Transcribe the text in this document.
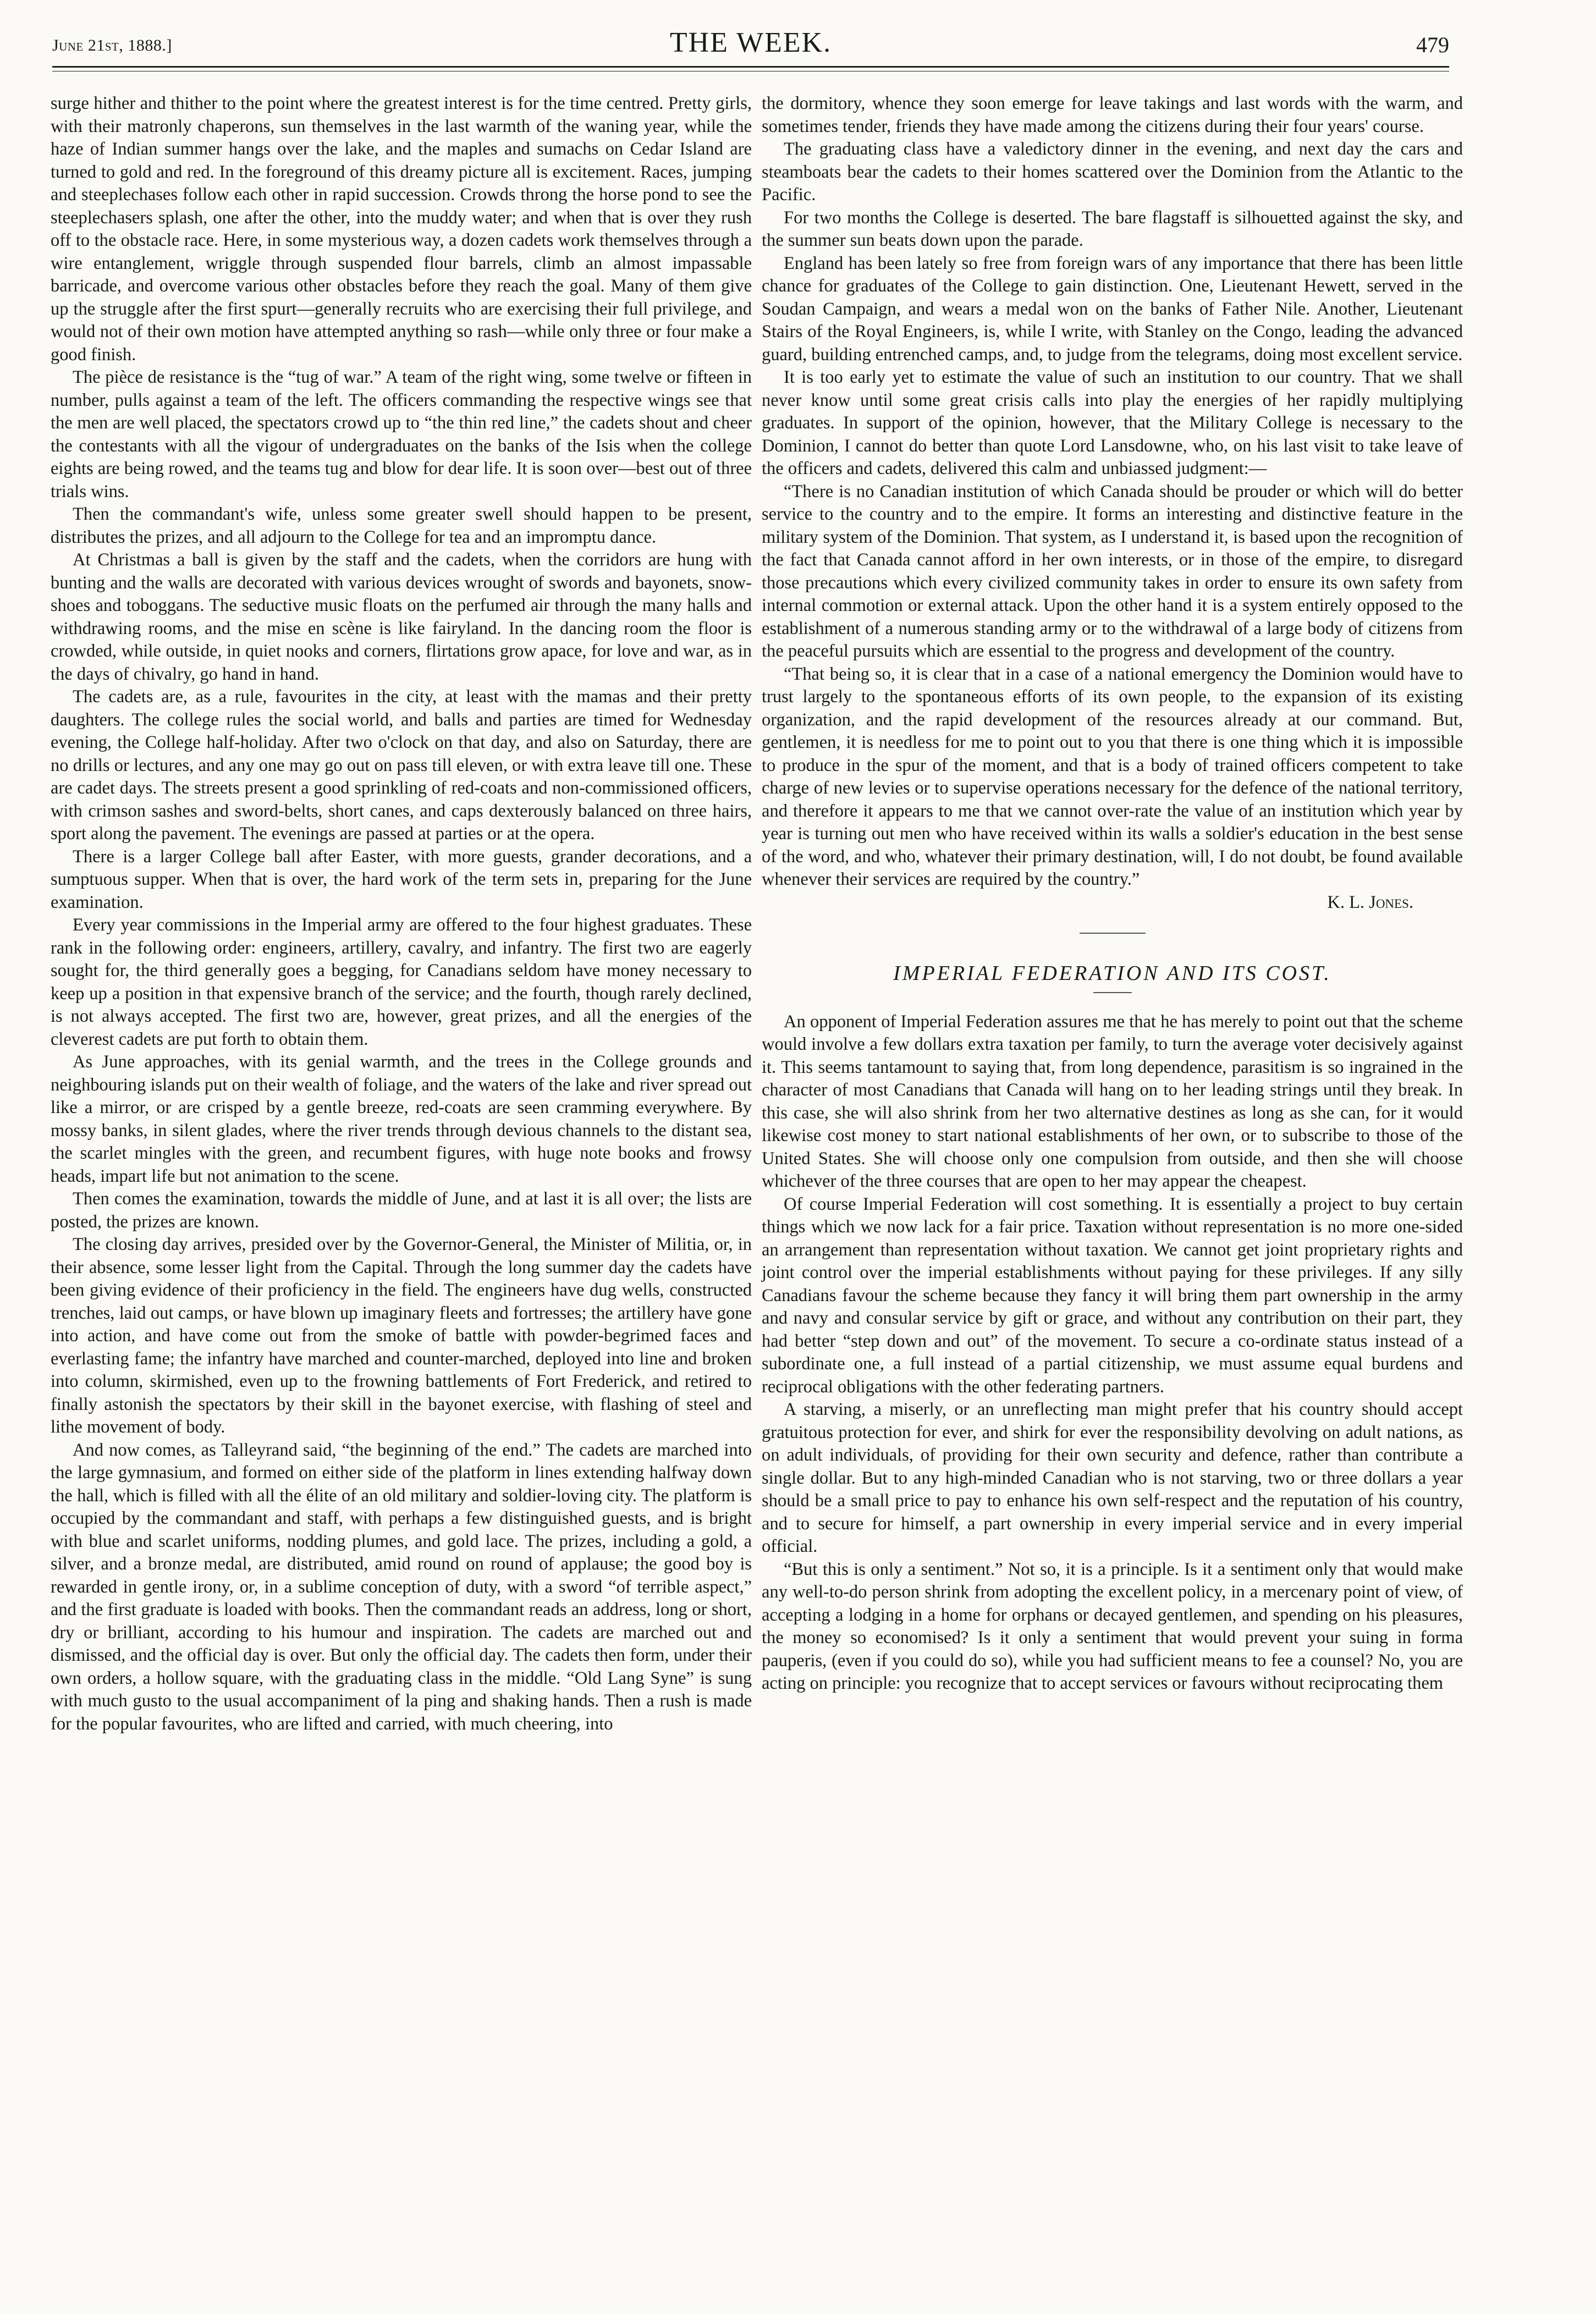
June 21st, 1888.]	THE WEEK.	479

surge hither and thither to the point where the greatest interest is for the time centred. Pretty girls, with their matronly chaperons, sun themselves in the last warmth of the waning year, while the haze of Indian summer hangs over the lake, and the maples and sumachs on Cedar Island are turned to gold and red. In the foreground of this dreamy picture all is excitement. Races, jumping and steeplechases follow each other in rapid succession. Crowds throng the horse pond to see the steeplechasers splash, one after the other, into the muddy water; and when that is over they rush off to the obstacle race. Here, in some mysterious way, a dozen cadets work themselves through a wire entanglement, wriggle through suspended flour barrels, climb an almost impassable barricade, and overcome various other obstacles before they reach the goal. Many of them give up the struggle after the first spurt—generally recruits who are exercising their full privilege, and would not of their own motion have attempted anything so rash—while only three or four make a good finish.

The pièce de resistance is the “tug of war.” A team of the right wing, some twelve or fifteen in number, pulls against a team of the left. The officers commanding the respective wings see that the men are well placed, the spectators crowd up to “the thin red line,” the cadets shout and cheer the contestants with all the vigour of undergraduates on the banks of the Isis when the college eights are being rowed, and the teams tug and blow for dear life. It is soon over—best out of three trials wins.

Then the commandant's wife, unless some greater swell should happen to be present, distributes the prizes, and all adjourn to the College for tea and an impromptu dance.

At Christmas a ball is given by the staff and the cadets, when the corridors are hung with bunting and the walls are decorated with various devices wrought of swords and bayonets, snow-shoes and toboggans. The seductive music floats on the perfumed air through the many halls and withdrawing rooms, and the mise en scène is like fairyland. In the dancing room the floor is crowded, while outside, in quiet nooks and corners, flirtations grow apace, for love and war, as in the days of chivalry, go hand in hand.

The cadets are, as a rule, favourites in the city, at least with the mamas and their pretty daughters. The college rules the social world, and balls and parties are timed for Wednesday evening, the College half-holiday. After two o'clock on that day, and also on Saturday, there are no drills or lectures, and any one may go out on pass till eleven, or with extra leave till one. These are cadet days. The streets present a good sprinkling of red-coats and non-commissioned officers, with crimson sashes and sword-belts, short canes, and caps dexterously balanced on three hairs, sport along the pavement. The evenings are passed at parties or at the opera.

There is a larger College ball after Easter, with more guests, grander decorations, and a sumptuous supper. When that is over, the hard work of the term sets in, preparing for the June examination.

Every year commissions in the Imperial army are offered to the four highest graduates. These rank in the following order: engineers, artillery, cavalry, and infantry. The first two are eagerly sought for, the third generally goes a begging, for Canadians seldom have money necessary to keep up a position in that expensive branch of the service; and the fourth, though rarely declined, is not always accepted. The first two are, however, great prizes, and all the energies of the cleverest cadets are put forth to obtain them.

As June approaches, with its genial warmth, and the trees in the College grounds and neighbouring islands put on their wealth of foliage, and the waters of the lake and river spread out like a mirror, or are crisped by a gentle breeze, red-coats are seen cramming everywhere. By mossy banks, in silent glades, where the river trends through devious channels to the distant sea, the scarlet mingles with the green, and recumbent figures, with huge note books and frowsy heads, impart life but not animation to the scene.

Then comes the examination, towards the middle of June, and at last it is all over; the lists are posted, the prizes are known.

The closing day arrives, presided over by the Governor-General, the Minister of Militia, or, in their absence, some lesser light from the Capital. Through the long summer day the cadets have been giving evidence of their proficiency in the field. The engineers have dug wells, constructed trenches, laid out camps, or have blown up imaginary fleets and fortresses; the artillery have gone into action, and have come out from the smoke of battle with powder-begrimed faces and everlasting fame; the infantry have marched and counter-marched, deployed into line and broken into column, skirmished, even up to the frowning battlements of Fort Frederick, and retired to finally astonish the spectators by their skill in the bayonet exercise, with flashing of steel and lithe movement of body.

And now comes, as Talleyrand said, “the beginning of the end.” The cadets are marched into the large gymnasium, and formed on either side of the platform in lines extending halfway down the hall, which is filled with all the élite of an old military and soldier-loving city. The platform is occupied by the commandant and staff, with perhaps a few distinguished guests, and is bright with blue and scarlet uniforms, nodding plumes, and gold lace. The prizes, including a gold, a silver, and a bronze medal, are distributed, amid round on round of applause; the good boy is rewarded in gentle irony, or, in a sublime conception of duty, with a sword “of terrible aspect,” and the first graduate is loaded with books. Then the commandant reads an address, long or short, dry or brilliant, according to his humour and inspiration. The cadets are marched out and dismissed, and the official day is over. But only the official day. The cadets then form, under their own orders, a hollow square, with the graduating class in the middle. “Old Lang Syne” is sung with much gusto to the usual accompaniment of la ping and shaking hands. Then a rush is made for the popular favourites, who are lifted and carried, with much cheering, into

the dormitory, whence they soon emerge for leave takings and last words with the warm, and sometimes tender, friends they have made among the citizens during their four years' course.

The graduating class have a valedictory dinner in the evening, and next day the cars and steamboats bear the cadets to their homes scattered over the Dominion from the Atlantic to the Pacific.

For two months the College is deserted. The bare flagstaff is silhouetted against the sky, and the summer sun beats down upon the parade.

England has been lately so free from foreign wars of any importance that there has been little chance for graduates of the College to gain distinction. One, Lieutenant Hewett, served in the Soudan Campaign, and wears a medal won on the banks of Father Nile. Another, Lieutenant Stairs of the Royal Engineers, is, while I write, with Stanley on the Congo, leading the advanced guard, building entrenched camps, and, to judge from the telegrams, doing most excellent service.

It is too early yet to estimate the value of such an institution to our country. That we shall never know until some great crisis calls into play the energies of her rapidly multiplying graduates. In support of the opinion, however, that the Military College is necessary to the Dominion, I cannot do better than quote Lord Lansdowne, who, on his last visit to take leave of the officers and cadets, delivered this calm and unbiassed judgment:—

“There is no Canadian institution of which Canada should be prouder or which will do better service to the country and to the empire. It forms an interesting and distinctive feature in the military system of the Dominion. That system, as I understand it, is based upon the recognition of the fact that Canada cannot afford in her own interests, or in those of the empire, to disregard those precautions which every civilized community takes in order to ensure its own safety from internal commotion or external attack. Upon the other hand it is a system entirely opposed to the establishment of a numerous standing army or to the withdrawal of a large body of citizens from the peaceful pursuits which are essential to the progress and development of the country.

“That being so, it is clear that in a case of a national emergency the Dominion would have to trust largely to the spontaneous efforts of its own people, to the expansion of its existing organization, and the rapid development of the resources already at our command. But, gentlemen, it is needless for me to point out to you that there is one thing which it is impossible to produce in the spur of the moment, and that is a body of trained officers competent to take charge of new levies or to supervise operations necessary for the defence of the national territory, and therefore it appears to me that we cannot over-rate the value of an institution which year by year is turning out men who have received within its walls a soldier's education in the best sense of the word, and who, whatever their primary destination, will, I do not doubt, be found available whenever their services are required by the country.”

K. L. Jones.
IMPERIAL FEDERATION AND ITS COST.

An opponent of Imperial Federation assures me that he has merely to point out that the scheme would involve a few dollars extra taxation per family, to turn the average voter decisively against it. This seems tantamount to saying that, from long dependence, parasitism is so ingrained in the character of most Canadians that Canada will hang on to her leading strings until they break. In this case, she will also shrink from her two alternative destines as long as she can, for it would likewise cost money to start national establishments of her own, or to subscribe to those of the United States. She will choose only one compulsion from outside, and then she will choose whichever of the three courses that are open to her may appear the cheapest.

Of course Imperial Federation will cost something. It is essentially a project to buy certain things which we now lack for a fair price. Taxation without representation is no more one-sided an arrangement than representation without taxation. We cannot get joint proprietary rights and joint control over the imperial establishments without paying for these privileges. If any silly Canadians favour the scheme because they fancy it will bring them part ownership in the army and navy and consular service by gift or grace, and without any contribution on their part, they had better “step down and out” of the movement. To secure a co-ordinate status instead of a subordinate one, a full instead of a partial citizenship, we must assume equal burdens and reciprocal obligations with the other federating partners.

A starving, a miserly, or an unreflecting man might prefer that his country should accept gratuitous protection for ever, and shirk for ever the responsibility devolving on adult nations, as on adult individuals, of providing for their own security and defence, rather than contribute a single dollar. But to any high-minded Canadian who is not starving, two or three dollars a year should be a small price to pay to enhance his own self-respect and the reputation of his country, and to secure for himself, a part ownership in every imperial service and in every imperial official.

“But this is only a sentiment.” Not so, it is a principle. Is it a sentiment only that would make any well-to-do person shrink from adopting the excellent policy, in a mercenary point of view, of accepting a lodging in a home for orphans or decayed gentlemen, and spending on his pleasures, the money so economised? Is it only a sentiment that would prevent your suing in forma pauperis, (even if you could do so), while you had sufficient means to fee a counsel? No, you are acting on principle: you recognize that to accept services or favours without reciprocating them
